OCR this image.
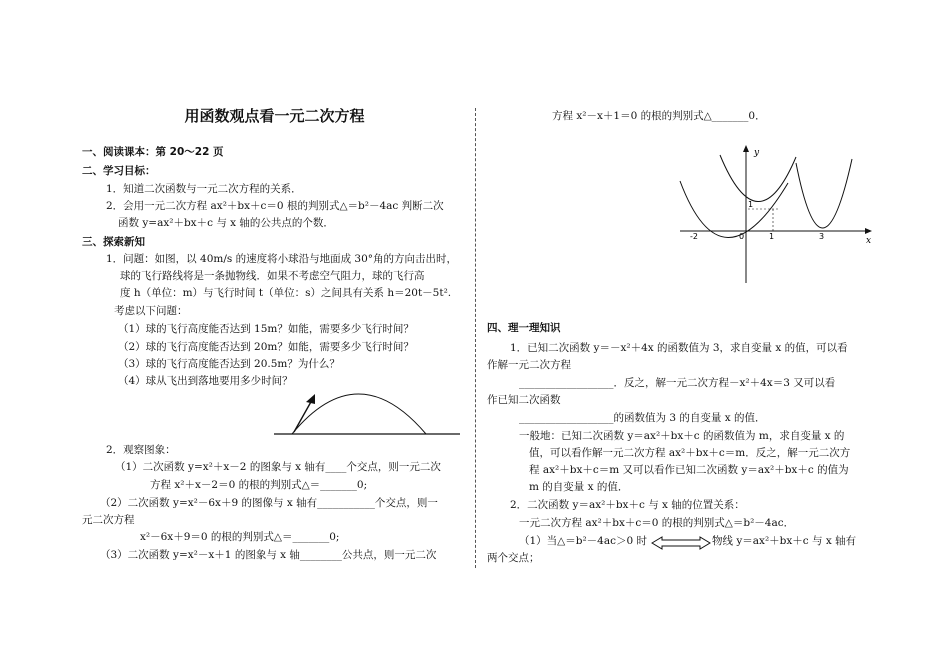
用函数观点看一元二次方程
一、阅读课本：第 20～22 页
二、学习目标：
1．知道二次函数与一元二次方程的关系．
2．会用一元二次方程 ax²＋bx＋c＝0 根的判别式△＝b²－4ac 判断二次
函数 y=ax²＋bx＋c 与 x 轴的公共点的个数．
三、探索新知
1．问题：如图，以 40m/s 的速度将小球沿与地面成 30°角的方向击出时，
球的飞行路线将是一条抛物线．如果不考虑空气阻力，球的飞行高
度 h（单位：m）与飞行时间 t（单位：s）之间具有关系 h＝20t－5t².
考虑以下问题：
（1）球的飞行高度能否达到 15m？如能，需要多少飞行时间？
（2）球的飞行高度能否达到 20m？如能，需要多少飞行时间？
（3）球的飞行高度能否达到 20.5m？为什么？
（4）球从飞出到落地要用多少时间？
2．观察图象：
（1）二次函数 y=x²＋x－2 的图象与 x 轴有____个交点，则一元二次
方程 x²＋x－2＝0 的根的判别式△＝_______0;
（2）二次函数 y=x²－6x＋9 的图像与 x 轴有___________个交点，则一
元二次方程
x²－6x＋9＝0 的根的判别式△＝_______0;
（3）二次函数 y=x²－x＋1 的图象与 x 轴________公共点，则一元二次
方程 x²－x＋1＝0 的根的判别式△_______0．
y
x
-2	0	1	3
1
四、理一理知识
1．已知二次函数 y＝－x²＋4x 的函数值为 3，求自变量 x 的值，可以看
作解一元二次方程
__________________．反之，解一元二次方程－x²＋4x＝3 又可以看
作已知二次函数
__________________的函数值为 3 的自变量 x 的值．
一般地：已知二次函数 y＝ax²＋bx＋c 的函数值为 m，求自变量 x 的
值，可以看作解一元二次方程 ax²＋bx＋c＝m．反之，解一元二次方
程 ax²＋bx＋c＝m 又可以看作已知二次函数 y＝ax²＋bx＋c 的值为
m 的自变量 x 的值．
2．二次函数 y＝ax²＋bx＋c 与 x 轴的位置关系：
一元二次方程 ax²＋bx＋c＝0 的根的判别式△＝b²－4ac．
（1）当△＝b²－4ac＞0 时	物线 y＝ax²＋bx＋c 与 x 轴有
两个交点；
